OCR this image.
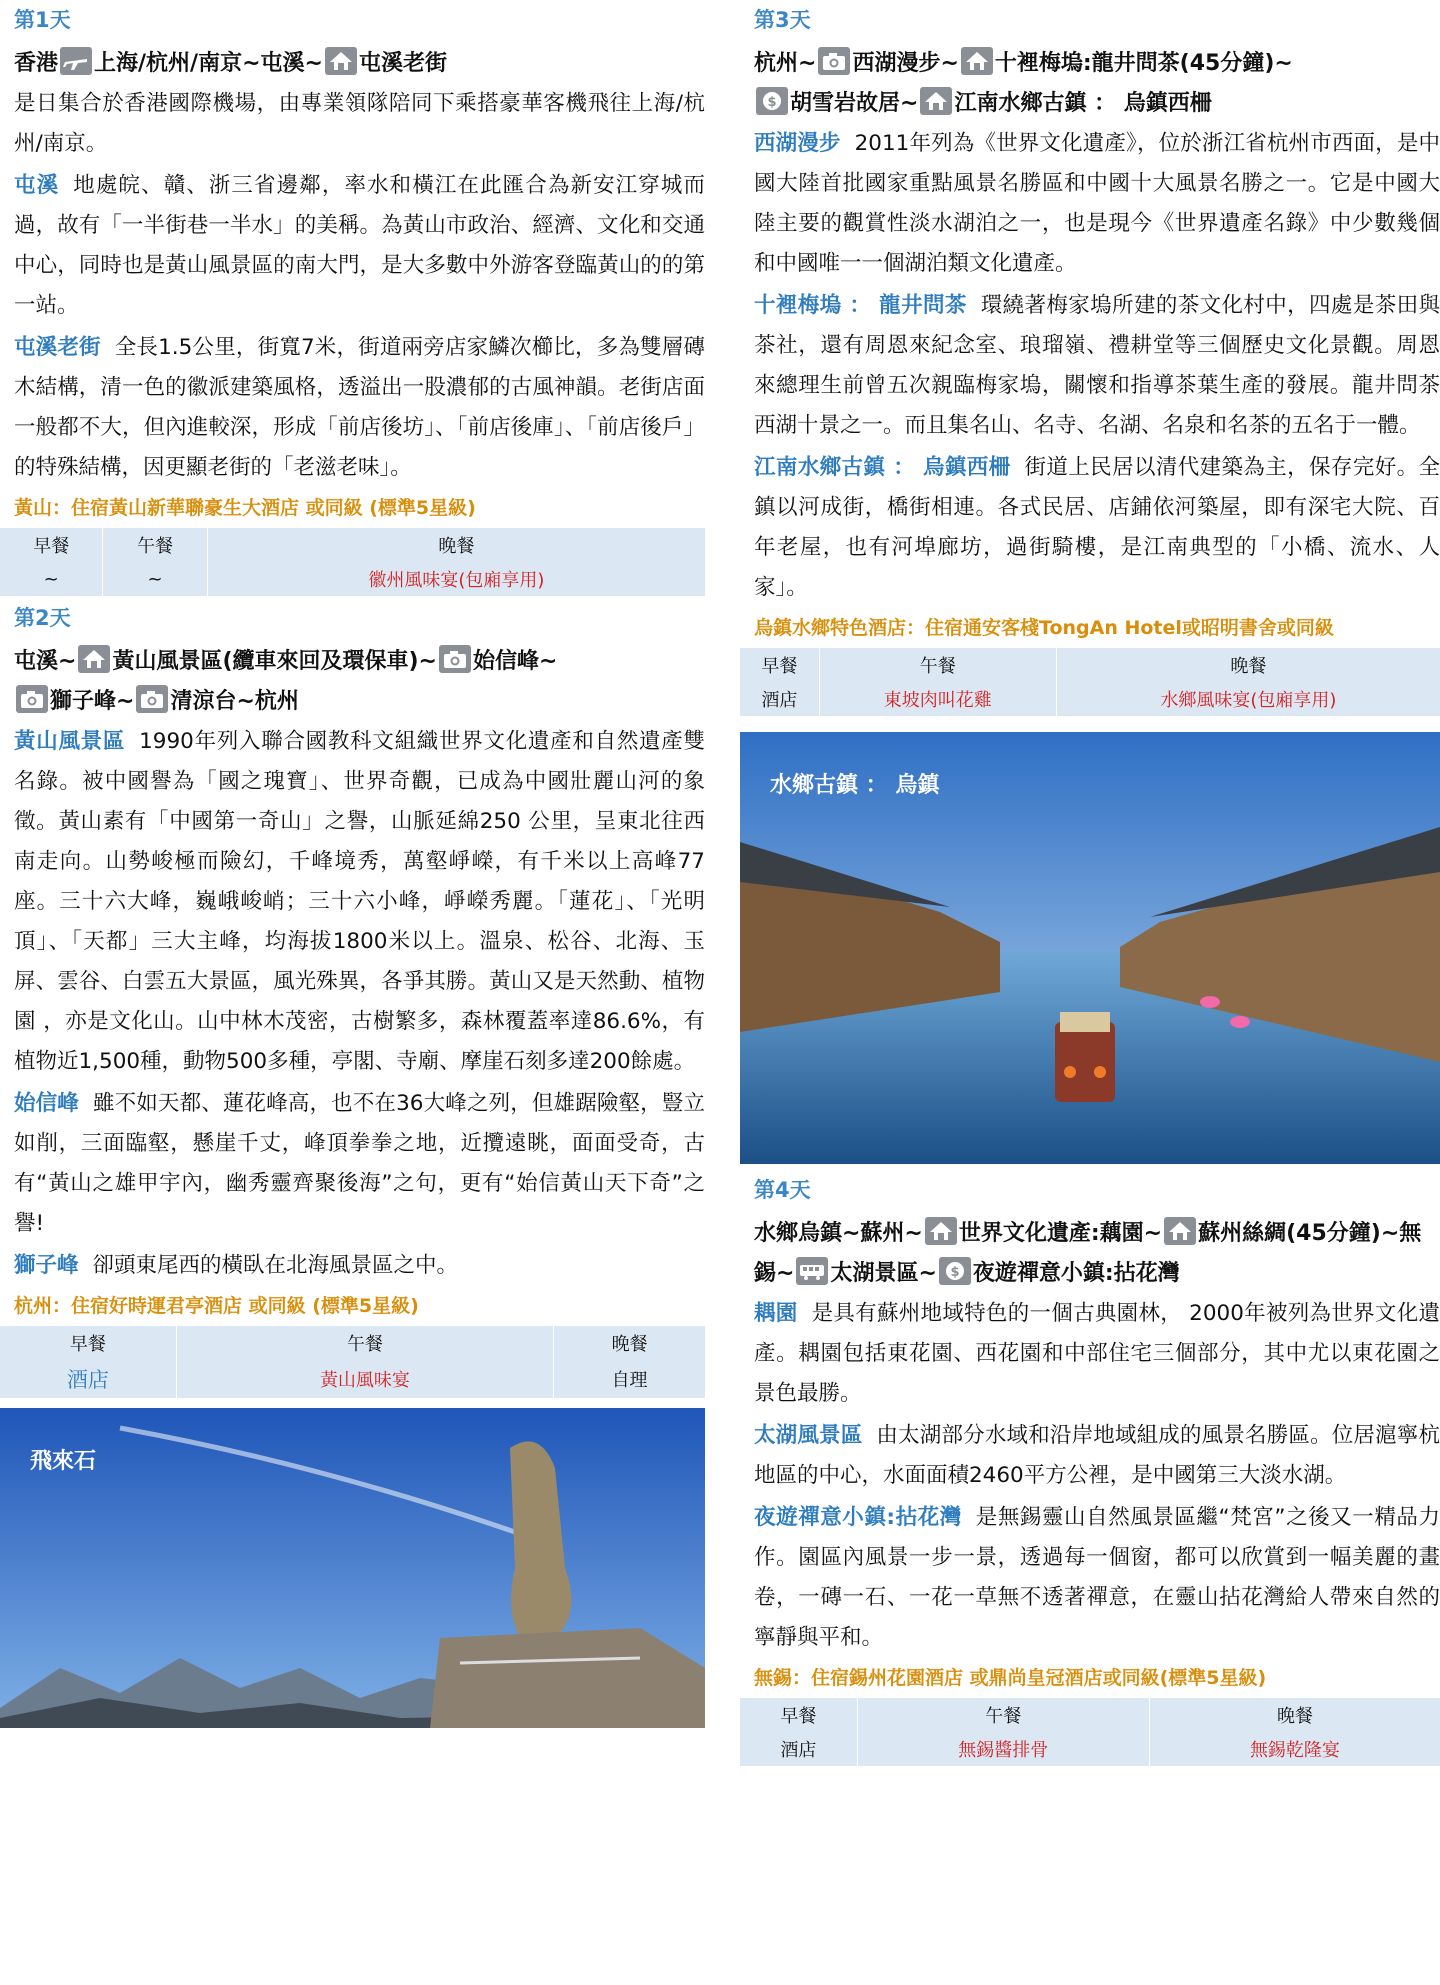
第1天
香港 上海/杭州/南京~屯溪~ 屯溪老街
是日集合於香港國際機場，由專業領隊陪同下乘搭豪華客機飛往上海/杭州/南京。
屯溪 地處皖、贛、浙三省邊鄰，率水和橫江在此匯合為新安江穿城而過，故有「一半街巷一半水」的美稱。為黃山市政治、經濟、文化和交通中心，同時也是黃山風景區的南大門，是大多數中外游客登臨黃山的的第一站。
屯溪老街 全長1.5公里，街寬7米，街道兩旁店家鱗次櫛比，多為雙層磚木結構，清一色的徽派建築風格，透溢出一股濃郁的古風神韻。老街店面一般都不大，但內進較深，形成「前店後坊」、「前店後庫」、「前店後戶」的特殊結構，因更顯老街的「老滋老味」。
黃山：住宿黃山新華聯豪生大酒店 或同級 (標準5星級)
早餐	午餐	晚餐
~	~	徽州風味宴(包廂享用)
第2天
屯溪~ 黃山風景區(纜車來回及環保車)~ 始信峰~
獅子峰~ 清涼台~杭州
黃山風景區 1990年列入聯合國教科文組織世界文化遺產和自然遺產雙名錄。被中國譽為「國之瑰寶」、世界奇觀，已成為中國壯麗山河的象徵。黃山素有「中國第一奇山」之譽，山脈延綿250 公里，呈東北往西南走向。山勢峻極而險幻，千峰境秀，萬壑崢嶸，有千米以上高峰77座。三十六大峰，巍峨峻峭；三十六小峰，崢嶸秀麗。「蓮花」、「光明頂」、「天都」三大主峰，均海拔1800米以上。溫泉、松谷、北海、玉屏、雲谷、白雲五大景區，風光殊異，各爭其勝。黃山又是天然動、植物園 ，亦是文化山。山中林木茂密，古樹繁多，森林覆蓋率達86.6%，有植物近1,500種，動物500多種，亭閣、寺廟、摩崖石刻多達200餘處。
始信峰 雖不如天都、蓮花峰高，也不在36大峰之列，但雄踞險壑，豎立如削，三面臨壑，懸崖千丈，峰頂拳拳之地，近攬遠眺，面面受奇，古有“黃山之雄甲宇內，幽秀靈齊聚後海”之句，更有“始信黃山天下奇”之譽!
獅子峰 卻頭東尾西的橫臥在北海風景區之中。
杭州：住宿好時運君亭酒店 或同級 (標準5星級)
早餐	午餐	晚餐
酒店	黃山風味宴	自理
飛來石
第3天
杭州~ 西湖漫步~ 十裡梅塢:龍井問茶(45分鐘)~

$ 胡雪岩故居~ 江南水鄉古鎮 ： 烏鎮西柵
西湖漫步 2011年列為《世界文化遺產》，位於浙江省杭州市西面，是中國大陸首批國家重點風景名勝區和中國十大風景名勝之一。它是中國大陸主要的觀賞性淡水湖泊之一，也是現今《世界遺產名錄》中少數幾個和中國唯一一個湖泊類文化遺產。
十裡梅塢 ： 龍井問茶 環繞著梅家塢所建的茶文化村中，四處是茶田與茶社，還有周恩來紀念室、琅瑠嶺、禮耕堂等三個歷史文化景觀。周恩來總理生前曾五次親臨梅家塢，關懷和指導茶葉生產的發展。龍井問茶西湖十景之一。而且集名山、名寺、名湖、名泉和名茶的五名于一體。
江南水鄉古鎮 ： 烏鎮西柵 街道上民居以清代建築為主，保存完好。全鎮以河成街，橋街相連。各式民居、店鋪依河築屋，即有深宅大院、百年老屋，也有河埠廊坊，過街騎樓，是江南典型的「小橋、流水、人家」。
烏鎮水鄉特色酒店：住宿通安客棧TongAn Hotel或昭明書舍或同級
早餐	午餐	晚餐
酒店	東坡肉叫花雞	水鄉風味宴(包廂享用)
水鄉古鎮 ： 烏鎮
第4天
水鄉烏鎮~蘇州~ 世界文化遺產:藕園~ 蘇州絲綢(45分鐘)~無錫~ 太湖景區~ $ 夜遊禪意小鎮:拈花灣
耦園 是具有蘇州地域特色的一個古典園林， 2000年被列為世界文化遺產。耦園包括東花園、西花園和中部住宅三個部分，其中尤以東花園之景色最勝。
太湖風景區 由太湖部分水域和沿岸地域組成的風景名勝區。位居滬寧杭地區的中心，水面面積2460平方公裡，是中國第三大淡水湖。
夜遊禪意小鎮:拈花灣 是無錫靈山自然風景區繼“梵宮”之後又一精品力作。園區內風景一步一景，透過每一個窗，都可以欣賞到一幅美麗的畫卷，一磚一石、一花一草無不透著禪意，在靈山拈花灣給人帶來自然的寧靜與平和。
無錫：住宿錫州花園酒店 或鼎尚皇冠酒店或同級(標準5星級)
早餐	午餐	晚餐
酒店	無錫醬排骨	無錫乾隆宴
